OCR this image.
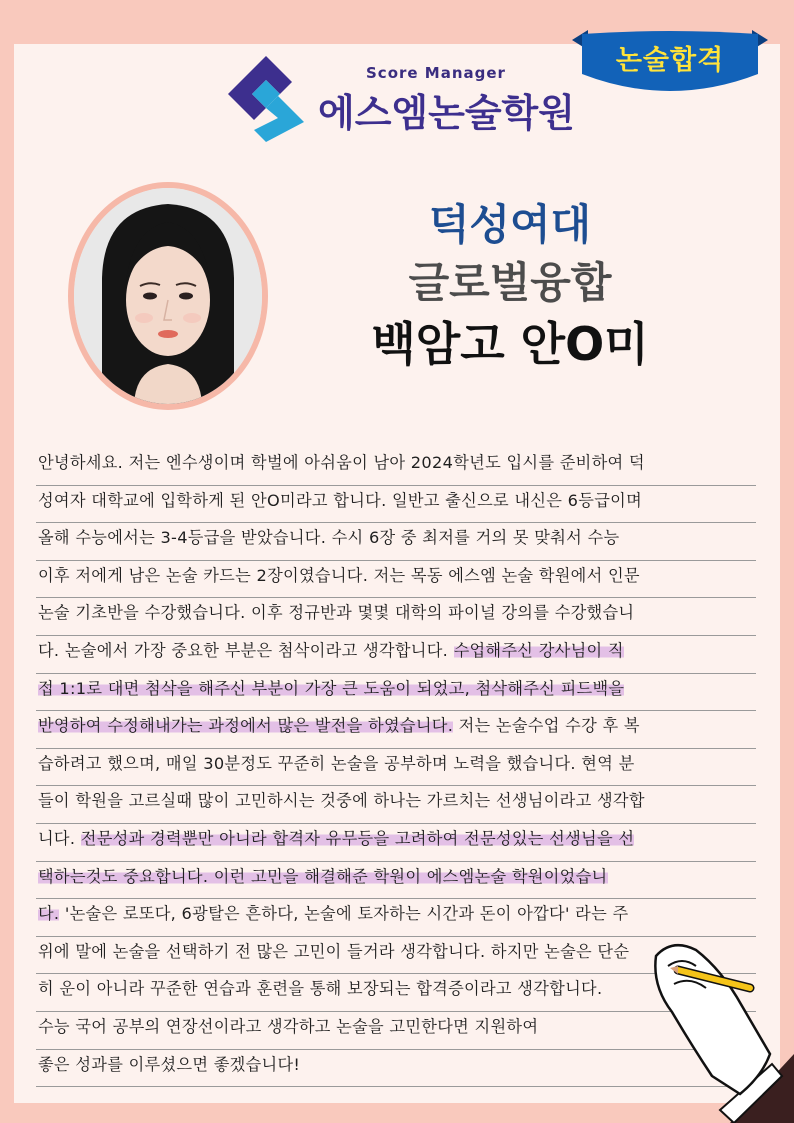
논술합격
Score Manager
에스엠논술학원
덕성여대
글로벌융합
백암고 안O미
안녕하세요. 저는 엔수생이며 학벌에 아쉬움이 남아 2024학년도 입시를 준비하여 덕
성여자 대학교에 입학하게 된 안O미라고 합니다. 일반고 출신으로 내신은 6등급이며
올해 수능에서는 3-4등급을 받았습니다. 수시 6장 중 최저를 거의 못 맞춰서 수능
이후 저에게 남은 논술 카드는 2장이였습니다. 저는 목동 에스엠 논술 학원에서 인문
논술 기초반을 수강했습니다. 이후 정규반과 몇몇 대학의 파이널 강의를 수강했습니
다. 논술에서 가장 중요한 부분은 첨삭이라고 생각합니다. 수업해주신 강사님이 직
접 1:1로 대면 첨삭을 해주신 부분이 가장 큰 도움이 되었고, 첨삭해주신 피드백을
반영하여 수정해내가는 과정에서 많은 발전을 하였습니다. 저는 논술수업 수강 후 복
습하려고 했으며, 매일 30분정도 꾸준히 논술을 공부하며 노력을 했습니다. 현역 분
들이 학원을 고르실때 많이 고민하시는 것중에 하나는 가르치는 선생님이라고 생각합
니다. 전문성과 경력뿐만 아니라 합격자 유무등을 고려하여 전문성있는 선생님을 선
택하는것도 중요합니다. 이런 고민을 해결해준 학원이 에스엠논술 학원이었습니
다. '논술은 로또다, 6광탈은 흔하다, 논술에 토자하는 시간과 돈이 아깝다' 라는 주
위에 말에 논술을 선택하기 전 많은 고민이 들거라 생각합니다. 하지만 논술은 단순
히 운이 아니라 꾸준한 연습과 훈련을 통해 보장되는 합격증이라고 생각합니다.
수능 국어 공부의 연장선이라고 생각하고 논술을 고민한다면 지원하여
좋은 성과를 이루셨으면 좋겠습니다!
